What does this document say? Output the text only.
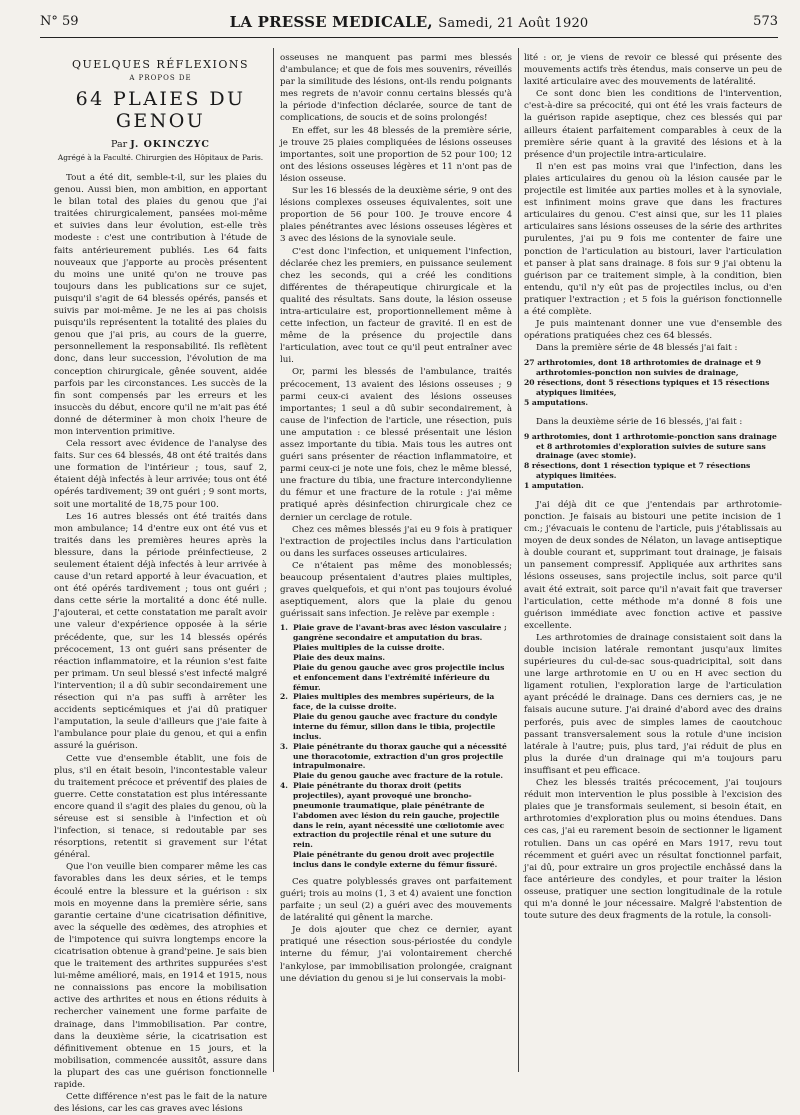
N° 59	LA PRESSE MEDICALE, Samedi, 21 Août 1920	573
QUELQUES RÉFLEXIONS
A PROPOS DE
64 PLAIES DU GENOU
Par J. OKINCZYC
Agrégé à la Faculté. Chirurgien des Hôpitaux de Paris.

Tout a été dit, semble-t-il, sur les plaies du genou. Aussi bien, mon ambition, en apportant le bilan total des plaies du genou que j'ai traitées chirurgicalement, pansées moi-même et suivies dans leur évolution, est-elle très modeste : c'est une contribution à l'étude de faits antérieurement publiés. Les 64 faits nouveaux que j'apporte au procès présentent du moins une unité qu'on ne trouve pas toujours dans les publications sur ce sujet, puisqu'il s'agit de 64 blessés opérés, pansés et suivis par moi-même. Je ne les ai pas choisis puisqu'ils représentent la totalité des plaies du genou que j'ai pris, au cours de la guerre, personnellement la responsabilité. Ils reflètent donc, dans leur succession, l'évolution de ma conception chirurgicale, gênée souvent, aidée parfois par les circonstances. Les succès de la fin sont compensés par les erreurs et les insuccès du début, encore qu'il ne m'ait pas été donné de déterminer à mon choix l'heure de mon intervention primitive.

Cela ressort avec évidence de l'analyse des faits. Sur ces 64 blessés, 48 ont été traités dans une formation de l'intérieur ; tous, sauf 2, étaient déjà infectés à leur arrivée; tous ont été opérés tardivement; 39 ont guéri ; 9 sont morts, soit une mortalité de 18,75 pour 100.

Les 16 autres blessés ont été traités dans mon ambulance; 14 d'entre eux ont été vus et traités dans les premières heures après la blessure, dans la période préinfectieuse, 2 seulement étaient déjà infectés à leur arrivée à cause d'un retard apporté à leur évacuation, et ont été opérés tardivement ; tous ont guéri ; dans cette série la mortalité a donc été nulle. J'ajouterai, et cette constatation me paraît avoir une valeur d'expérience opposée à la série précédente, que, sur les 14 blessés opérés précocement, 13 ont guéri sans présenter de réaction inflammatoire, et la réunion s'est faite per primam. Un seul blessé s'est infecté malgré l'intervention; il a dû subir secondairement une résection qui n'a pas suffi à arrêter les accidents septicémiques et j'ai dû pratiquer l'amputation, la seule d'ailleurs que j'aie faite à l'ambulance pour plaie du genou, et qui a enfin assuré la guérison.

Cette vue d'ensemble établit, une fois de plus, s'il en était besoin, l'incontestable valeur du traitement précoce et préventif des plaies de guerre. Cette constatation est plus intéressante encore quand il s'agit des plaies du genou, où la séreuse est si sensible à l'infection et où l'infection, si tenace, si redoutable par ses résorptions, retentit si gravement sur l'état général.

Que l'on veuille bien comparer même les cas favorables dans les deux séries, et le temps écoulé entre la blessure et la guérison : six mois en moyenne dans la première série, sans garantie certaine d'une cicatrisation définitive, avec la séquelle des œdèmes, des atrophies et de l'impotence qui suivra longtemps encore la cicatrisation obtenue à grand'peine. Je sais bien que le traitement des arthrites suppurées s'est lui-même amélioré, mais, en 1914 et 1915, nous ne connaissions pas encore la mobilisation active des arthrites et nous en étions réduits à rechercher vainement une forme parfaite de drainage, dans l'immobilisation. Par contre, dans la deuxième série, la cicatrisation est définitivement obtenue en 15 jours, et la mobilisation, commencée aussitôt, assure dans la plupart des cas une guérison fonctionnelle rapide.

Cette différence n'est pas le fait de la nature des lésions, car les cas graves avec lésions

osseuses ne manquent pas parmi mes blessés d'ambulance; et que de fois mes souvenirs, réveillés par la similitude des lésions, ont-ils rendu poignants mes regrets de n'avoir connu certains blessés qu'à la période d'infection déclarée, source de tant de complications, de soucis et de soins prolongés!

En effet, sur les 48 blessés de la première série, je trouve 25 plaies compliquées de lésions osseuses importantes, soit une proportion de 52 pour 100; 12 ont des lésions osseuses légères et 11 n'ont pas de lésion osseuse.

Sur les 16 blessés de la deuxième série, 9 ont des lésions complexes osseuses équivalentes, soit une proportion de 56 pour 100. Je trouve encore 4 plaies pénétrantes avec lésions osseuses légères et 3 avec des lésions de la synoviale seule.

C'est donc l'infection, et uniquement l'infection, déclarée chez les premiers, en puissance seulement chez les seconds, qui a créé les conditions différentes de thérapeutique chirurgicale et la qualité des résultats. Sans doute, la lésion osseuse intra-articulaire est, proportionnellement même à cette infection, un facteur de gravité. Il en est de même de la présence du projectile dans l'articulation, avec tout ce qu'il peut entraîner avec lui.

Or, parmi les blessés de l'ambulance, traités précocement, 13 avaient des lésions osseuses ; 9 parmi ceux-ci avaient des lésions osseuses importantes; 1 seul a dû subir secondairement, à cause de l'infection de l'article, une résection, puis une amputation : ce blessé présentait une lésion assez importante du tibia. Mais tous les autres ont guéri sans présenter de réaction inflammatoire, et parmi ceux-ci je note une fois, chez le même blessé, une fracture du tibia, une fracture intercondylienne du fémur et une fracture de la rotule : j'ai même pratiqué après désinfection chirurgicale chez ce dernier un cerclage de rotule.

Chez ces mêmes blessés j'ai eu 9 fois à pratiquer l'extraction de projectiles inclus dans l'articulation ou dans les surfaces osseuses articulaires.

Ce n'étaient pas même des monoblessés; beaucoup présentaient d'autres plaies multiples, graves quelquefois, et qui n'ont pas toujours évolué aseptiquement, alors que la plaie du genou guérissait sans infection. Je relève par exemple :

1. Plaie grave de l'avant-bras avec lésion vasculaire ; gangrène secondaire et amputation du bras.
Plaies multiples de la cuisse droite.
Plaie des deux mains.
Plaie du genou gauche avec gros projectile inclus et enfoncement dans l'extrémité inférieure du fémur.
2. Plaies multiples des membres supérieurs, de la face, de la cuisse droite.
Plaie du genou gauche avec fracture du condyle interne du fémur, sillon dans le tibia, projectile inclus.
3. Plaie pénétrante du thorax gauche qui a nécessité une thoracotomie, extraction d'un gros projectile intrapulmonaire.
Plaie du genou gauche avec fracture de la rotule.
4. Plaie pénétrante du thorax droit (petits projectiles), ayant provoqué une broncho-pneumonie traumatique, plaie pénétrante de l'abdomen avec lésion du rein gauche, projectile dans le rein, ayant nécessité une cœliotomie avec extraction du projectile rénal et une suture du rein.
Plaie pénétrante du genou droit avec projectile inclus dans le condyle externe du fémur fissuré.

Ces quatre polyblessés graves ont parfaitement guéri; trois au moins (1, 3 et 4) avaient une fonction parfaite ; un seul (2) a guéri avec des mouvements de latéralité qui gênent la marche.

Je dois ajouter que chez ce dernier, ayant pratiqué une résection sous-périostée du condyle interne du fémur, j'ai volontairement cherché l'ankylose, par immobilisation prolongée, craignant une déviation du genou si je lui conservais la mobi-

lité : or, je viens de revoir ce blessé qui présente des mouvements actifs très étendus, mais conserve un peu de laxité articulaire avec des mouvements de latéralité.

Ce sont donc bien les conditions de l'intervention, c'est-à-dire sa précocité, qui ont été les vrais facteurs de la guérison rapide aseptique, chez ces blessés qui par ailleurs étaient parfaitement comparables à ceux de la première série quant à la gravité des lésions et à la présence d'un projectile intra-articulaire.

Il n'en est pas moins vrai que l'infection, dans les plaies articulaires du genou où la lésion causée par le projectile est limitée aux parties molles et à la synoviale, est infiniment moins grave que dans les fractures articulaires du genou. C'est ainsi que, sur les 11 plaies articulaires sans lésions osseuses de la série des arthrites purulentes, j'ai pu 9 fois me contenter de faire une ponction de l'articulation au bistouri, laver l'articulation et panser à plat sans drainage. 8 fois sur 9 j'ai obtenu la guérison par ce traitement simple, à la condition, bien entendu, qu'il n'y eût pas de projectiles inclus, ou d'en pratiquer l'extraction ; et 5 fois la guérison fonctionnelle a été complète.

Je puis maintenant donner une vue d'ensemble des opérations pratiquées chez ces 64 blessés.

Dans la première série de 48 blessés j'ai fait :

27 arthrotomies, dont 18 arthrotomies de drainage et 9 arthrotomies-ponction non suivies de drainage,
20 résections, dont 5 résections typiques et 15 résections atypiques limitées,
5 amputations.

Dans la deuxième série de 16 blessés, j'ai fait :

9 arthrotomies, dont 1 arthrotomie-ponction sans drainage et 8 arthrotomies d'exploration suivies de suture sans drainage (avec stomie).
8 résections, dont 1 résection typique et 7 résections atypiques limitées.
1 amputation.

J'ai déjà dit ce que j'entendais par arthrotomie-ponction. Je faisais au bistouri une petite incision de 1 cm.; j'évacuais le contenu de l'article, puis j'établissais au moyen de deux sondes de Nélaton, un lavage antiseptique à double courant et, supprimant tout drainage, je faisais un pansement compressif. Appliquée aux arthrites sans lésions osseuses, sans projectile inclus, soit parce qu'il avait été extrait, soit parce qu'il n'avait fait que traverser l'articulation, cette méthode m'a donné 8 fois une guérison immédiate avec fonction active et passive excellente.

Les arthrotomies de drainage consistaient soit dans la double incision latérale remontant jusqu'aux limites supérieures du cul-de-sac sous-quadricipital, soit dans une large arthrotomie en U ou en H avec section du ligament rotulien, l'exploration large de l'articulation ayant précédé le drainage. Dans ces derniers cas, je ne faisais aucune suture. J'ai drainé d'abord avec des drains perforés, puis avec de simples lames de caoutchouc passant transversalement sous la rotule d'une incision latérale à l'autre; puis, plus tard, j'ai réduit de plus en plus la durée d'un drainage qui m'a toujours paru insuffisant et peu efficace.

Chez les blessés traités précocement, j'ai toujours réduit mon intervention le plus possible à l'excision des plaies que je transformais seulement, si besoin était, en arthrotomies d'exploration plus ou moins étendues. Dans ces cas, j'ai eu rarement besoin de sectionner le ligament rotulien. Dans un cas opéré en Mars 1917, revu tout récemment et guéri avec un résultat fonctionnel parfait, j'ai dû, pour extraire un gros projectile enchâssé dans la face antérieure des condyles, et pour traiter la lésion osseuse, pratiquer une section longitudinale de la rotule qui m'a donné le jour nécessaire. Malgré l'abstention de toute suture des deux fragments de la rotule, la consoli-
